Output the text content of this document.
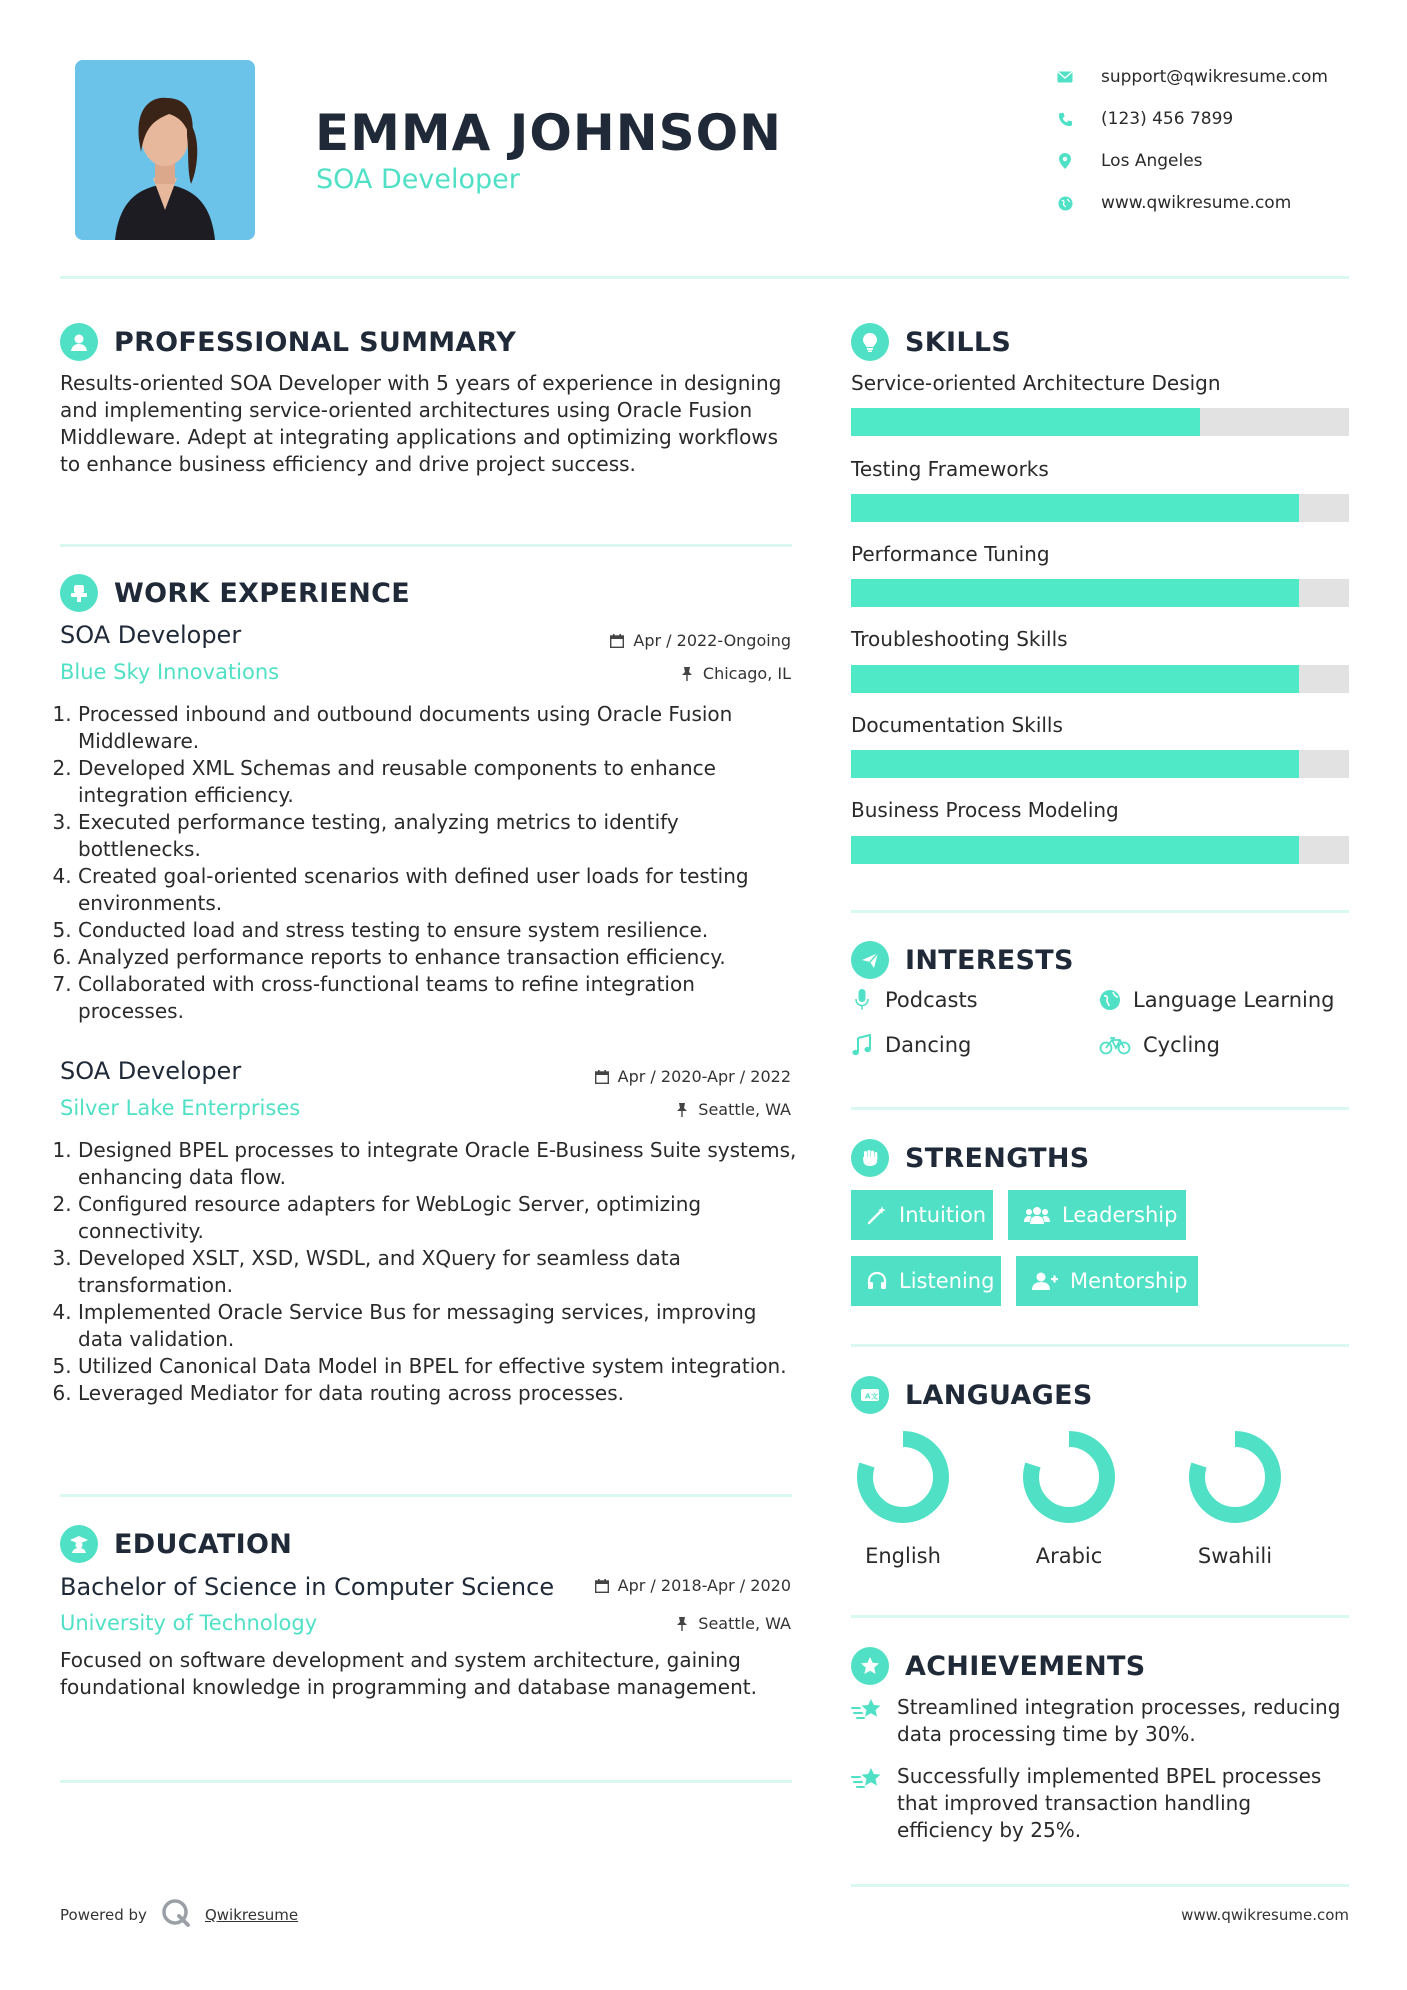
EMMA JOHNSON
SOA Developer
support@qwikresume.com
(123) 456 7899
Los Angeles
www.qwikresume.com
PROFESSIONAL SUMMARY
Results-oriented SOA Developer with 5 years of experience in designing and implementing service-oriented architectures using Oracle Fusion Middleware. Adept at integrating applications and optimizing workflows to enhance business efficiency and drive project success.
WORK EXPERIENCE
SOA Developer	Apr / 2022-Ongoing
Blue Sky Innovations	Chicago, IL
1. Processed inbound and outbound documents using Oracle Fusion Middleware.
2. Developed XML Schemas and reusable components to enhance integration efficiency.
3. Executed performance testing, analyzing metrics to identify bottlenecks.
4. Created goal-oriented scenarios with defined user loads for testing environments.
5. Conducted load and stress testing to ensure system resilience.
6. Analyzed performance reports to enhance transaction efficiency.
7. Collaborated with cross-functional teams to refine integration processes.
SOA Developer	Apr / 2020-Apr / 2022
Silver Lake Enterprises	Seattle, WA
1. Designed BPEL processes to integrate Oracle E-Business Suite systems, enhancing data flow.
2. Configured resource adapters for WebLogic Server, optimizing connectivity.
3. Developed XSLT, XSD, WSDL, and XQuery for seamless data transformation.
4. Implemented Oracle Service Bus for messaging services, improving data validation.
5. Utilized Canonical Data Model in BPEL for effective system integration.
6. Leveraged Mediator for data routing across processes.
EDUCATION
Bachelor of Science in Computer Science	Apr / 2018-Apr / 2020
University of Technology	Seattle, WA
Focused on software development and system architecture, gaining foundational knowledge in programming and database management.
SKILLS
Service-oriented Architecture Design
Testing Frameworks
Performance Tuning
Troubleshooting Skills
Documentation Skills
Business Process Modeling
INTERESTS
Podcasts	Language Learning
Dancing	Cycling
STRENGTHS
Intuition	Leadership
Listening	Mentorship
A 文 LANGUAGES
English	Arabic	Swahili
ACHIEVEMENTS
Streamlined integration processes, reducing data processing time by 30%.
Successfully implemented BPEL processes that improved transaction handling efficiency by 25%.
Powered by	Qwikresume	www.qwikresume.com
